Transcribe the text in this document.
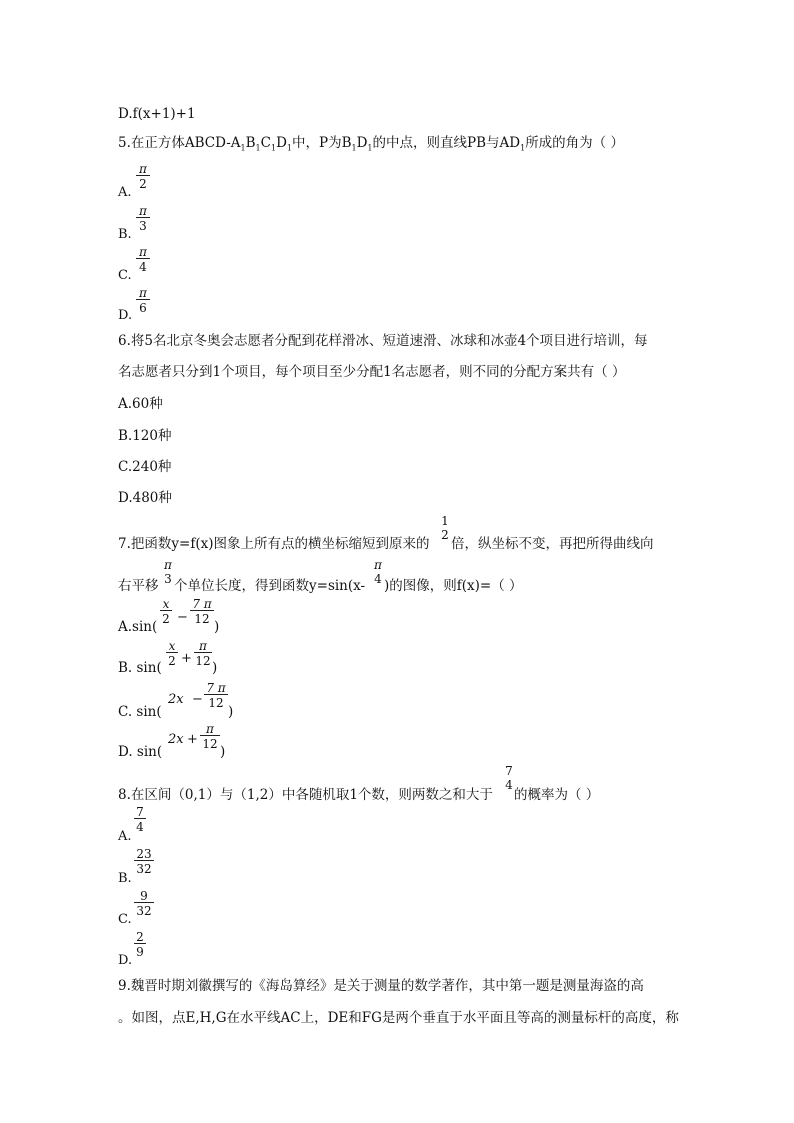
D.f(x+1)+1
5.在正方体ABCD-$A_1B_1C_1D_1$中，P为$B_1D_1$的中点，则直线PB与$AD_1$所成的角为（ ）
A.
$\frac{\pi}{2}$
B.
$\frac{\pi}{3}$
C.
$\frac{\pi}{4}$
D.
$\frac{\pi}{6}$
6.将5名北京冬奥会志愿者分配到花样滑冰、短道速滑、冰球和冰壶4个项目进行培训，每
名志愿者只分到1个项目，每个项目至少分配1名志愿者，则不同的分配方案共有（ ）
A.60种
B.120种
C.240种
D.480种
7.把函数y=f(x)图象上所有点的横坐标缩短到原来的
1
2
倍，纵坐标不变，再把所得曲线向
右平移
π
3 个单位长度，得到函数y=sin(x-
π
4 )的图像，则f(x)=（ ）
A.sin(
$\frac{x}{2} - \frac{7 \pi}{12}$
)
B. sin(
$\frac{x}{2} + \frac{\pi}{12}$
)
C. sin(
$2x - \frac{7 \pi}{12}$
)
D. sin(
$2x + \frac{\pi}{12}$
)
8.在区间（0,1）与（1,2）中各随机取1个数，则两数之和大于
7
4
的概率为（ ）
A.
$\frac{7}{4}$
B.
$\frac{23}{32}$
C.
$\frac{9}{32}$
D.
$\frac{2}{9}$
9.魏晋时期刘徽撰写的《海岛算经》是关于测量的数学著作，其中第一题是测量海盗的高
。如图，点E,H,G在水平线AC上，DE和FG是两个垂直于水平面且等高的测量标杆的高度，称
